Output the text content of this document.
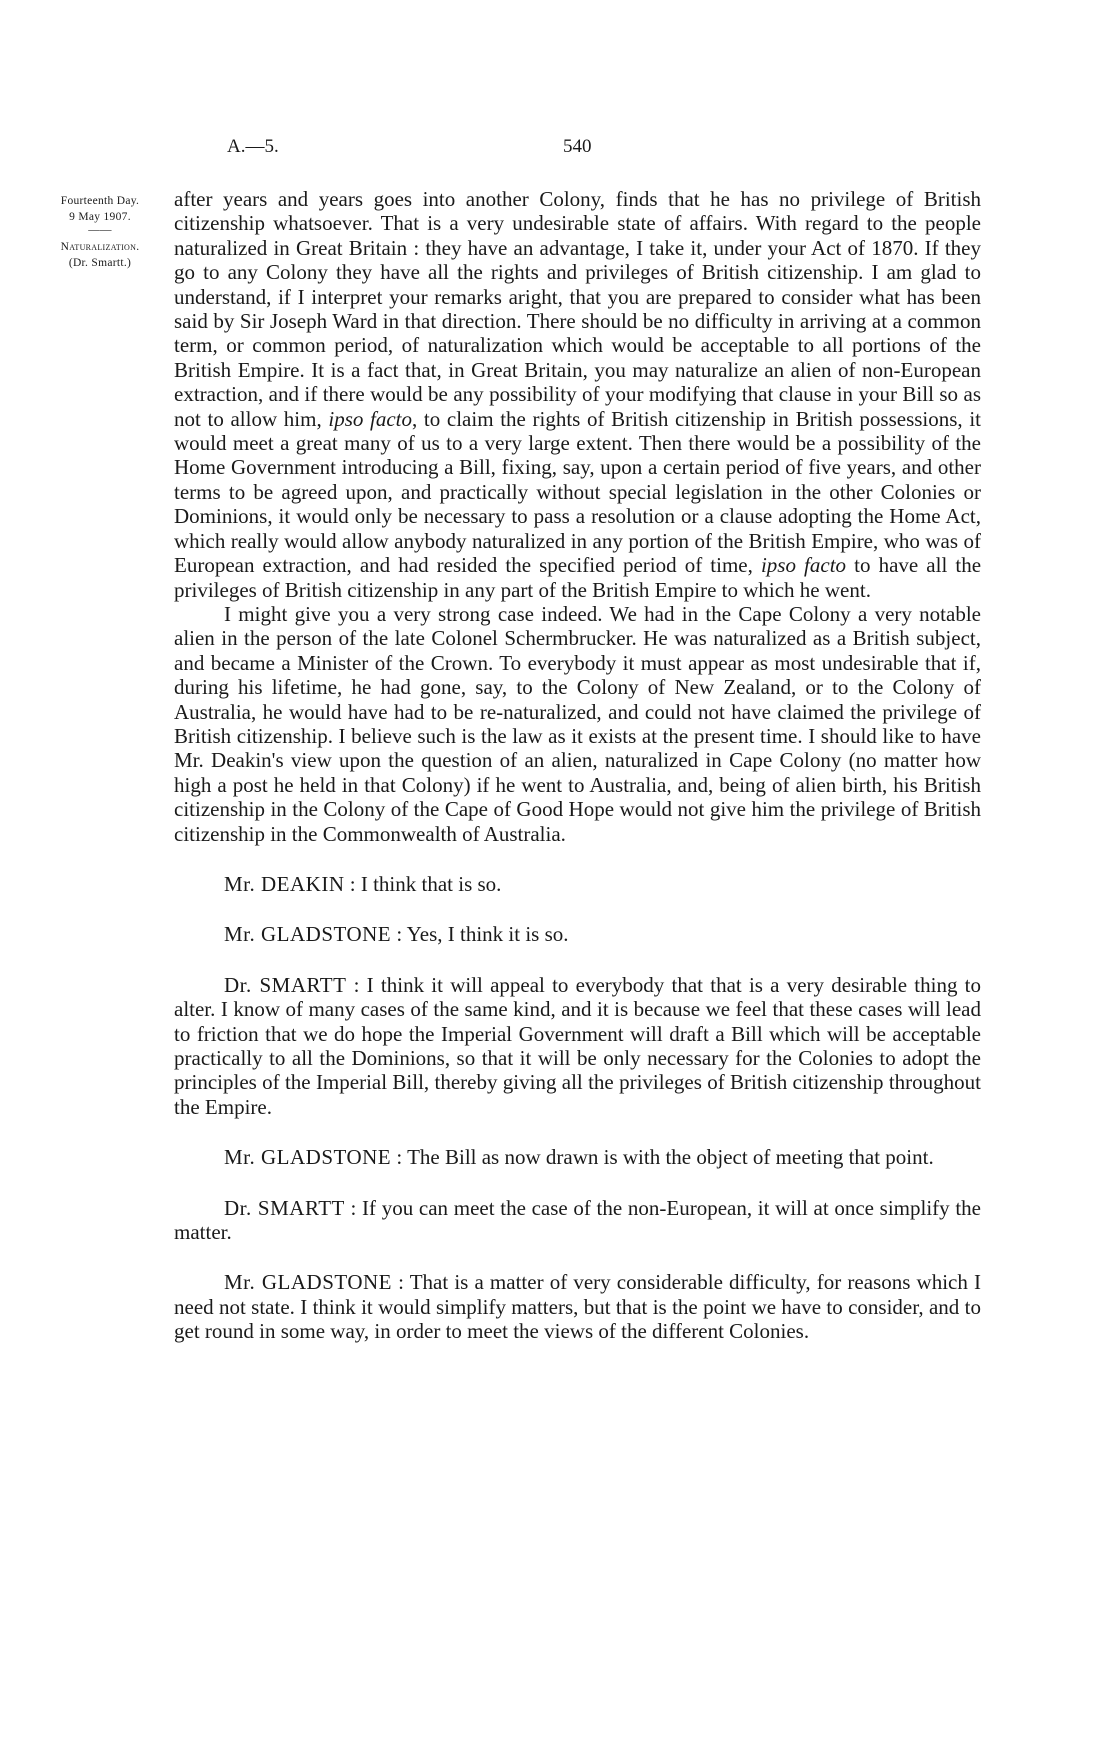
A.—5.	540
Fourteenth Day.
9 May 1907.
——
Naturalization.
(Dr. Smartt.)

after years and years goes into another Colony, finds that he has no privilege of British citizenship whatsoever. That is a very undesirable state of affairs. With regard to the people naturalized in Great Britain : they have an advantage, I take it, under your Act of 1870. If they go to any Colony they have all the rights and privileges of British citizenship. I am glad to understand, if I interpret your remarks aright, that you are prepared to consider what has been said by Sir Joseph Ward in that direction. There should be no difficulty in arriving at a common term, or common period, of naturalization which would be acceptable to all portions of the British Empire. It is a fact that, in Great Britain, you may naturalize an alien of non-European extraction, and if there would be any possibility of your modifying that clause in your Bill so as not to allow him, ipso facto, to claim the rights of British citizenship in British possessions, it would meet a great many of us to a very large extent. Then there would be a possibility of the Home Government introducing a Bill, fixing, say, upon a certain period of five years, and other terms to be agreed upon, and practically without special legislation in the other Colonies or Dominions, it would only be necessary to pass a resolution or a clause adopting the Home Act, which really would allow anybody naturalized in any portion of the British Empire, who was of European extraction, and had resided the specified period of time, ipso facto to have all the privileges of British citizenship in any part of the British Empire to which he went.

I might give you a very strong case indeed. We had in the Cape Colony a very notable alien in the person of the late Colonel Schermbrucker. He was naturalized as a British subject, and became a Minister of the Crown. To everybody it must appear as most undesirable that if, during his lifetime, he had gone, say, to the Colony of New Zealand, or to the Colony of Australia, he would have had to be re-naturalized, and could not have claimed the privilege of British citizenship. I believe such is the law as it exists at the present time. I should like to have Mr. Deakin's view upon the question of an alien, naturalized in Cape Colony (no matter how high a post he held in that Colony) if he went to Australia, and, being of alien birth, his British citizenship in the Colony of the Cape of Good Hope would not give him the privilege of British citizenship in the Commonwealth of Australia.

Mr. DEAKIN : I think that is so.

Mr. GLADSTONE : Yes, I think it is so.

Dr. SMARTT : I think it will appeal to everybody that that is a very desirable thing to alter. I know of many cases of the same kind, and it is because we feel that these cases will lead to friction that we do hope the Imperial Government will draft a Bill which will be acceptable practically to all the Dominions, so that it will be only necessary for the Colonies to adopt the principles of the Imperial Bill, thereby giving all the privileges of British citizenship throughout the Empire.

Mr. GLADSTONE : The Bill as now drawn is with the object of meeting that point.

Dr. SMARTT : If you can meet the case of the non-European, it will at once simplify the matter.

Mr. GLADSTONE : That is a matter of very considerable difficulty, for reasons which I need not state. I think it would simplify matters, but that is the point we have to consider, and to get round in some way, in order to meet the views of the different Colonies.
